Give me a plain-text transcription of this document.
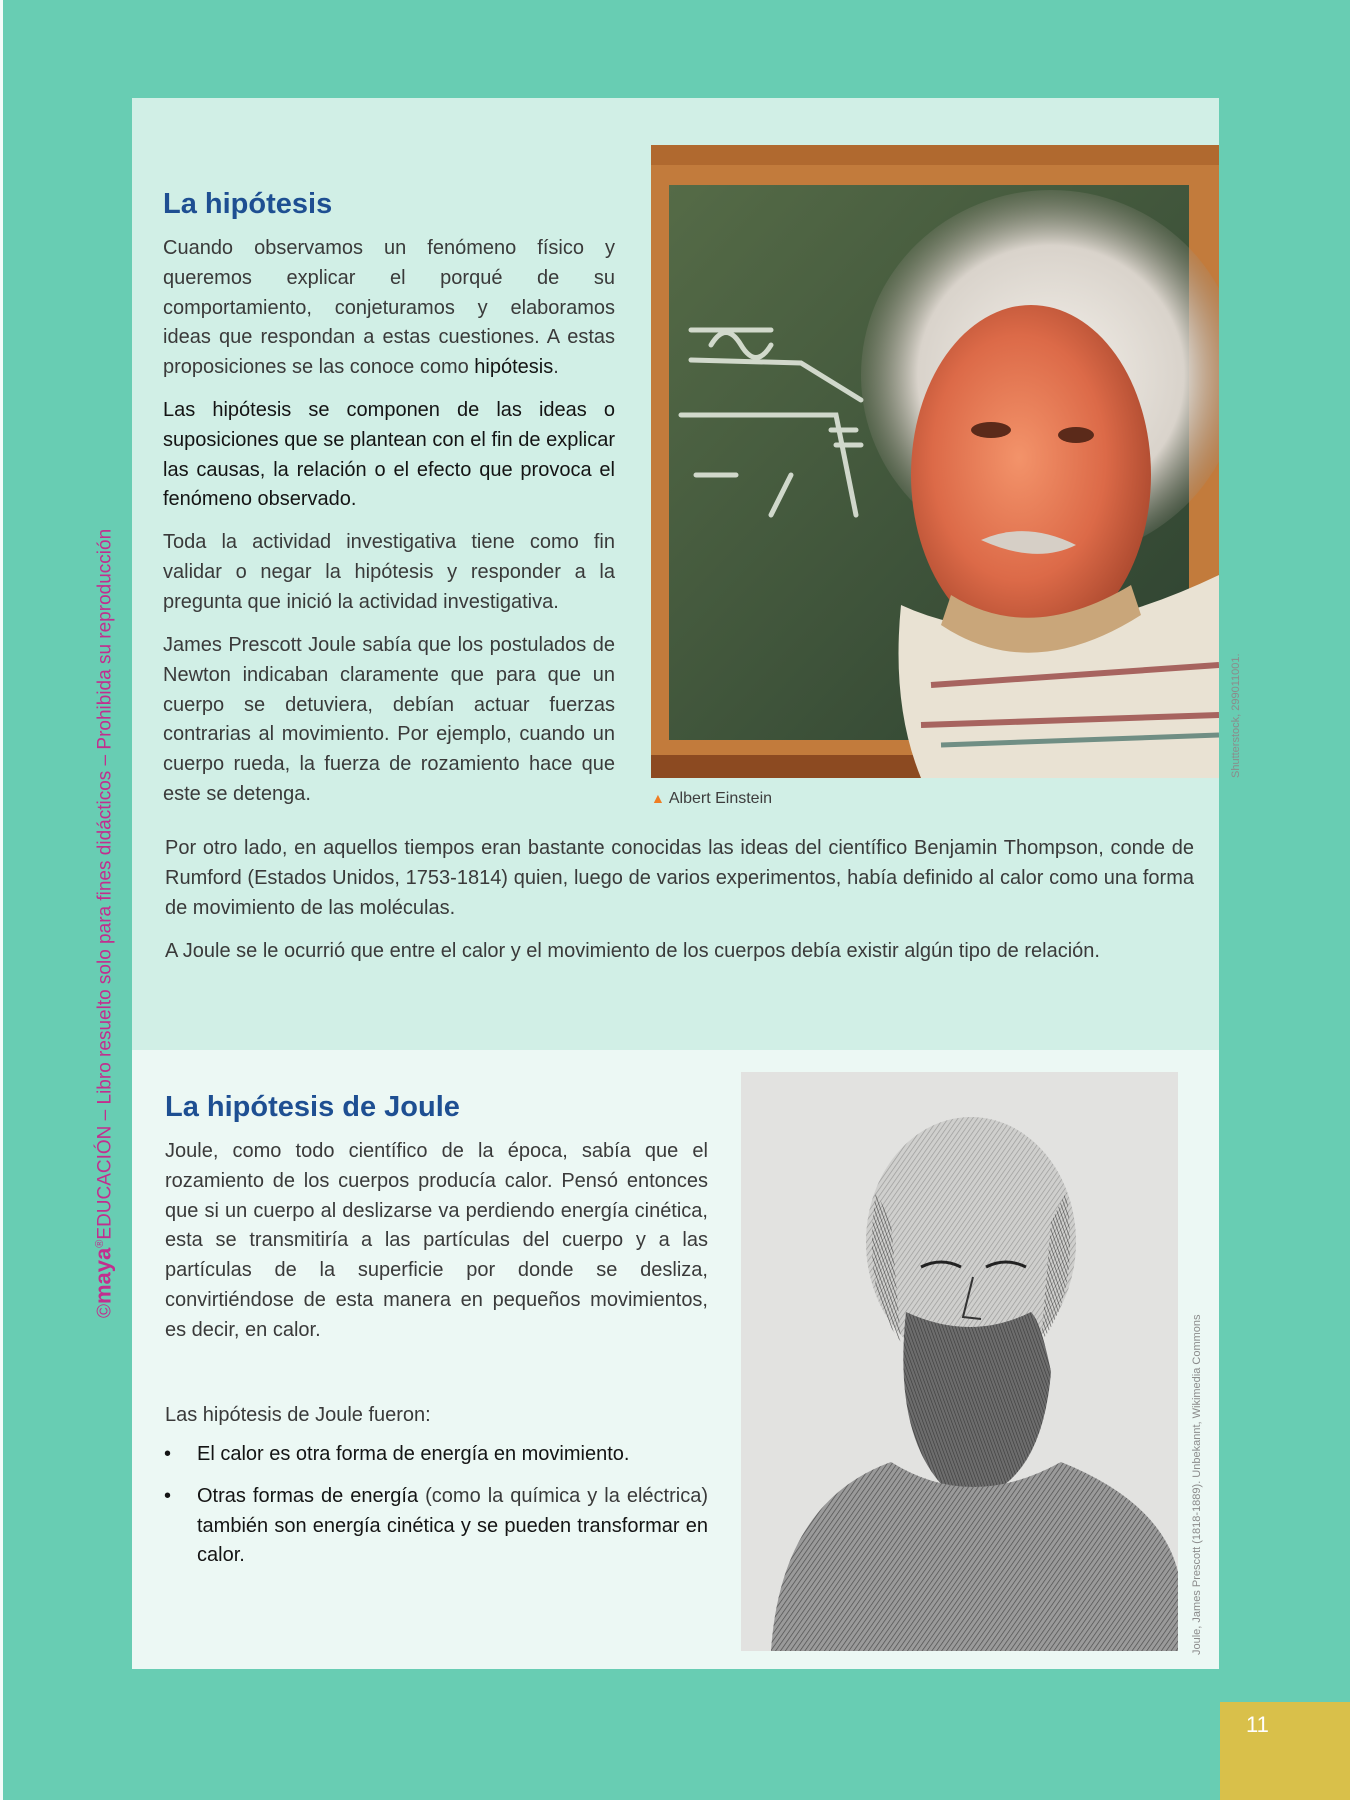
©maya®EDUCACIÓN – Libro resuelto solo para fines didácticos – Prohibida su reproducción
La hipótesis

Cuando observamos un fenómeno físico y queremos explicar el porqué de su comportamiento, conjeturamos y elaboramos ideas que respondan a estas cuestiones. A estas proposiciones se las conoce como hipótesis.

Las hipótesis se componen de las ideas o suposiciones que se plantean con el fin de explicar las causas, la relación o el efecto que provoca el fenómeno observado.

Toda la actividad investigativa tiene como fin validar o negar la hipótesis y responder a la pregunta que inició la actividad investigativa.

James Prescott Joule sabía que los postulados de Newton indicaban claramente que para que un cuerpo se detuviera, debían actuar fuerzas contrarias al movimiento. Por ejemplo, cuando un cuerpo rueda, la fuerza de rozamiento hace que este se detenga.

Por otro lado, en aquellos tiempos eran bastante conocidas las ideas del científico Benjamin Thompson, conde de Rumford (Estados Unidos, 1753-1814) quien, luego de varios experimentos, había definido al calor como una forma de movimiento de las moléculas.

A Joule se le ocurrió que entre el calor y el movimiento de los cuerpos debía existir algún tipo de relación.

▲ Albert Einstein
Shutterstock, 299011001.
La hipótesis de Joule

Joule, como todo científico de la época, sabía que el rozamiento de los cuerpos producía calor. Pensó entonces que si un cuerpo al deslizarse va perdiendo energía cinética, esta se transmitiría a las partículas del cuerpo y a las partículas de la superficie por donde se desliza, convirtiéndose de esta manera en pequeños movimientos, es decir, en calor.

Las hipótesis de Joule fueron:

• El calor es otra forma de energía en movimiento.
• Otras formas de energía (como la química y la eléctrica) también son energía cinética y se pueden transformar en calor.	Joule, James Prescott (1818-1889). Unbekannt, Wikimedia Commons
11
